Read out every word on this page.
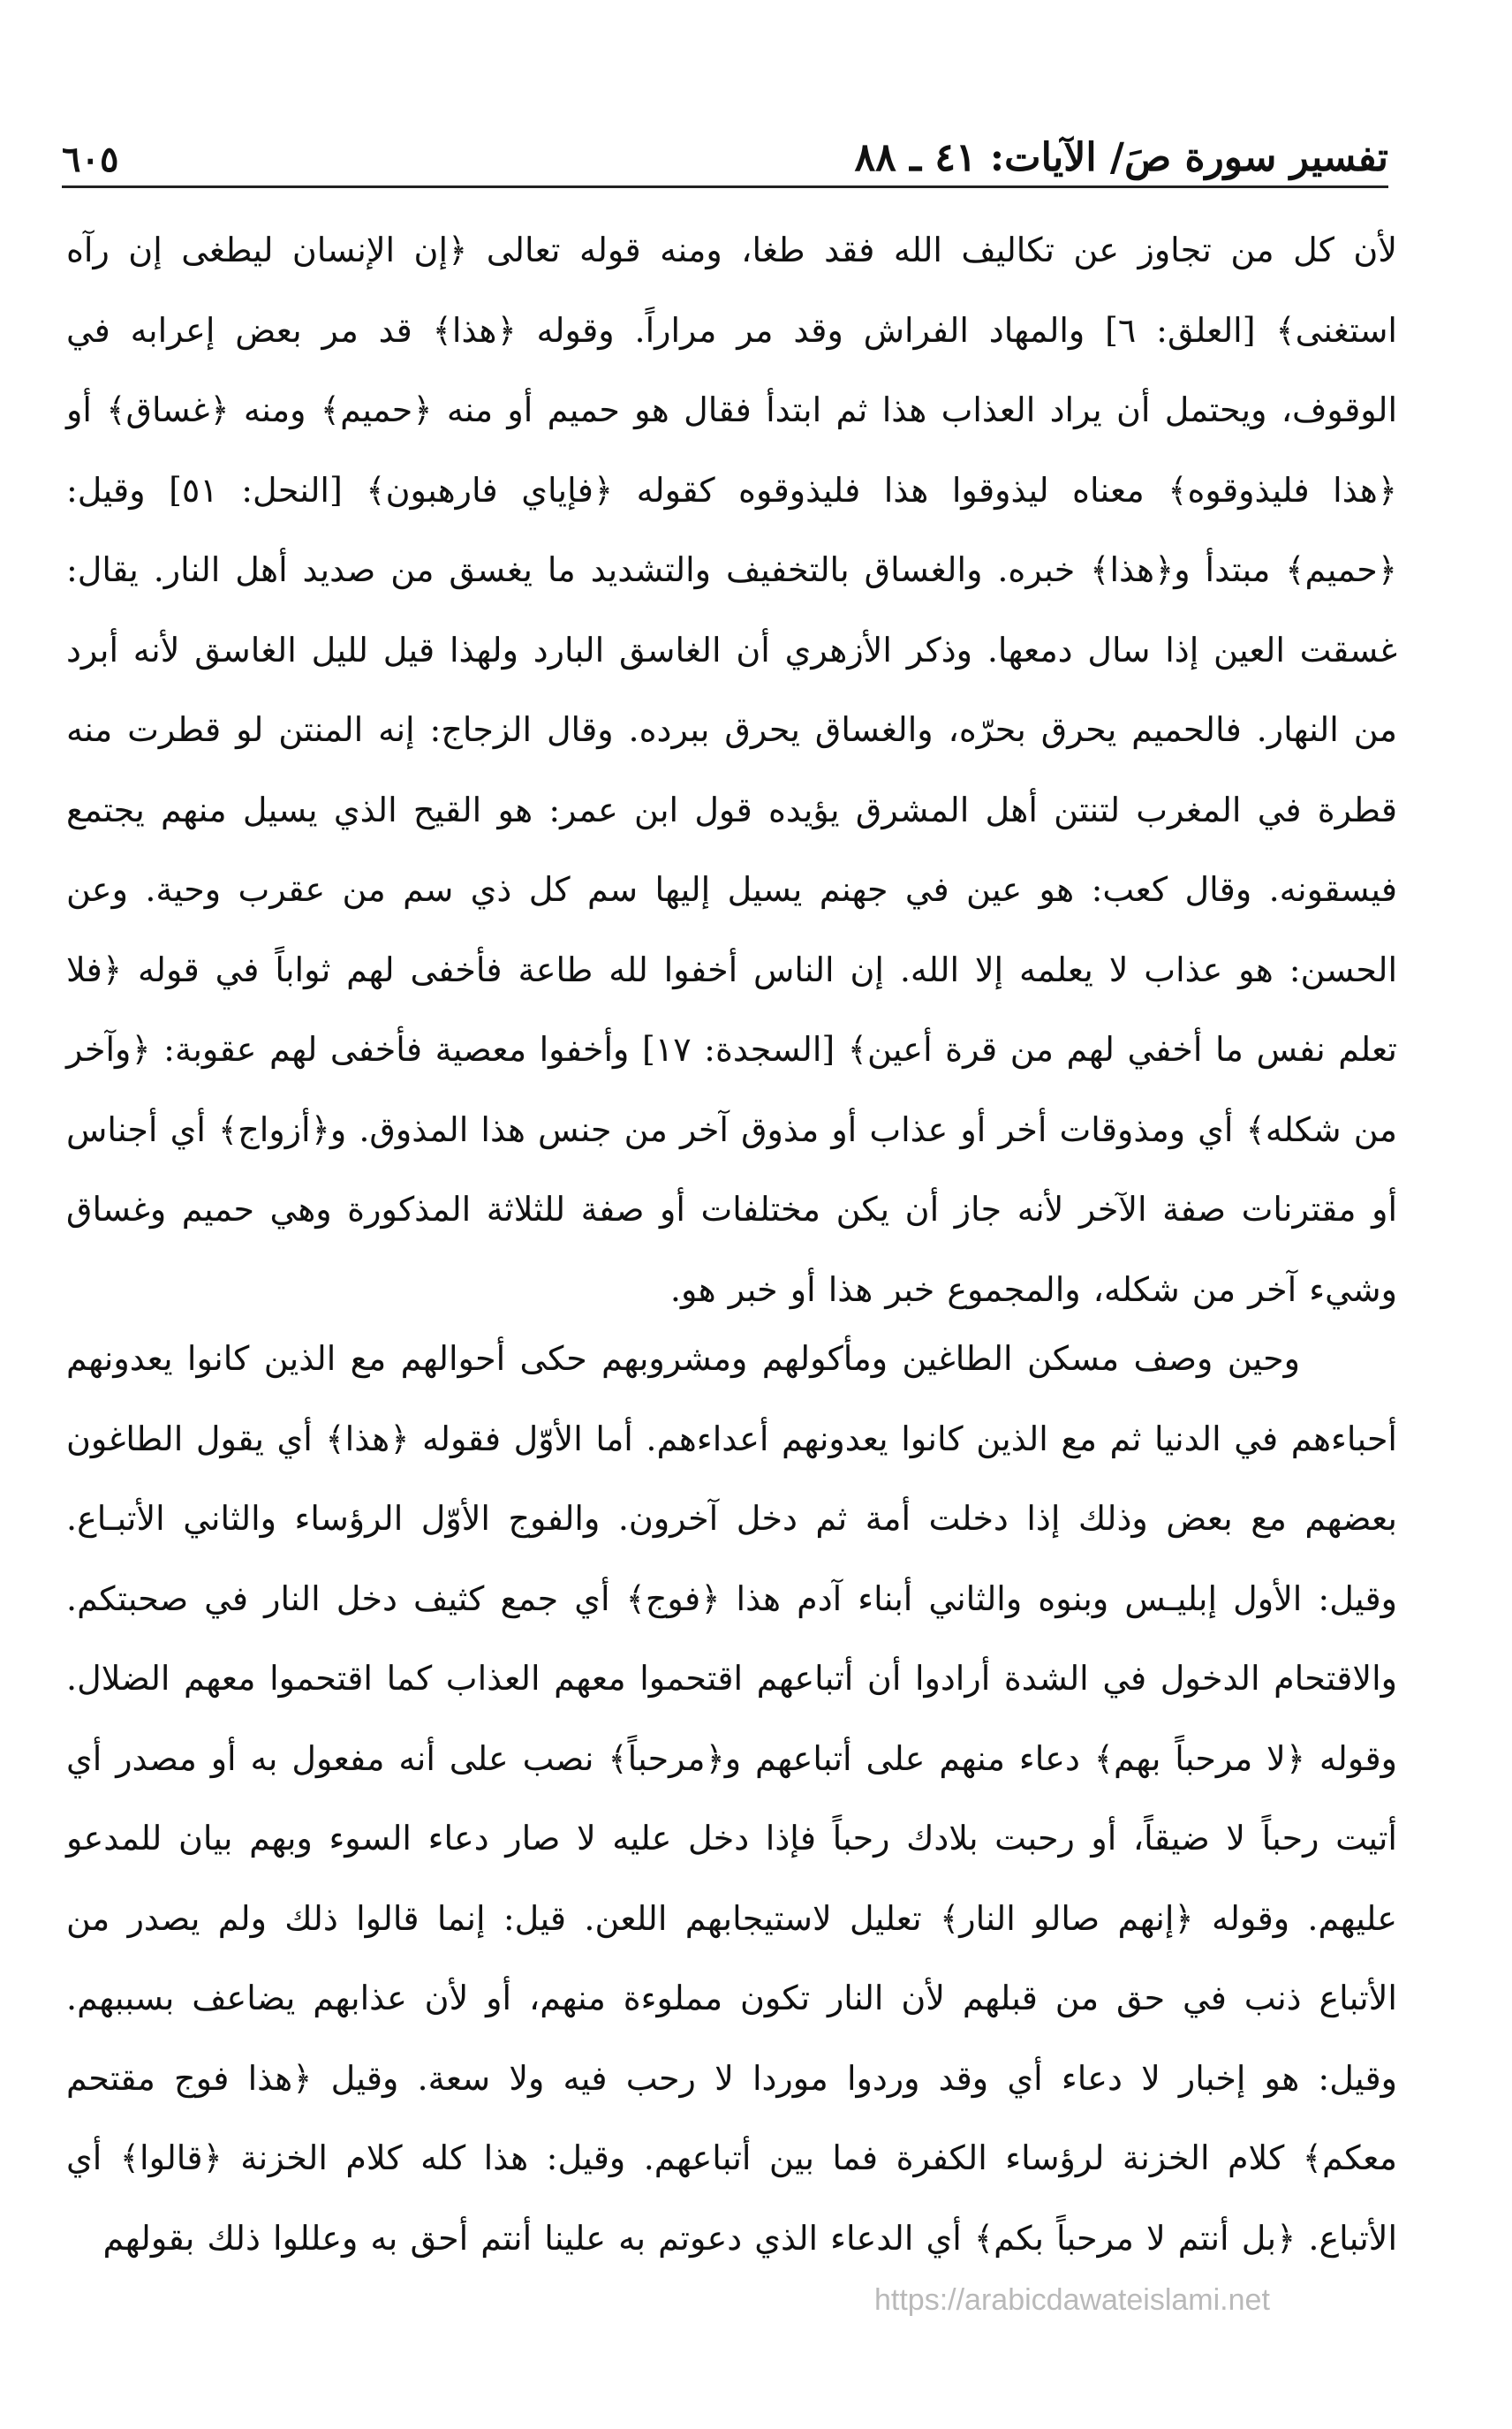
تفسير سورة صَ/ الآيات: ٤١ ـ ٨٨
٦٠٥

لأن كل من تجاوز عن تكاليف الله فقد طغا، ومنه قوله تعالى ﴿إن الإنسان ليطغى إن رآه استغنى﴾ [العلق: ٦] والمهاد الفراش وقد مر مراراً. وقوله ﴿هذا﴾ قد مر بعض إعرابه في الوقوف، ويحتمل أن يراد العذاب هذا ثم ابتدأ فقال هو حميم أو منه ﴿حميم﴾ ومنه ﴿غساق﴾ أو ﴿هذا فليذوقوه﴾ معناه ليذوقوا هذا فليذوقوه كقوله ﴿فإياي فارهبون﴾ [النحل: ٥١] وقيل: ﴿حميم﴾ مبتدأ و﴿هذا﴾ خبره. والغساق بالتخفيف والتشديد ما يغسق من صديد أهل النار. يقال: غسقت العين إذا سال دمعها. وذكر الأزهري أن الغاسق البارد ولهذا قيل لليل الغاسق لأنه أبرد من النهار. فالحميم يحرق بحرّه، والغساق يحرق ببرده. وقال الزجاج: إنه المنتن لو قطرت منه قطرة في المغرب لتنتن أهل المشرق يؤيده قول ابن عمر: هو القيح الذي يسيل منهم يجتمع فيسقونه. وقال كعب: هو عين في جهنم يسيل إليها سم كل ذي سم من عقرب وحية. وعن الحسن: هو عذاب لا يعلمه إلا الله. إن الناس أخفوا لله طاعة فأخفى لهم ثواباً في قوله ﴿فلا تعلم نفس ما أخفي لهم من قرة أعين﴾ [السجدة: ١٧] وأخفوا معصية فأخفى لهم عقوبة: ﴿وآخر من شكله﴾ أي ومذوقات أخر أو عذاب أو مذوق آخر من جنس هذا المذوق. و﴿أزواج﴾ أي أجناس أو مقترنات صفة الآخر لأنه جاز أن يكن مختلفات أو صفة للثلاثة المذكورة وهي حميم وغساق وشيء آخر من شكله، والمجموع خبر هذا أو خبر هو.

وحين وصف مسكن الطاغين ومأكولهم ومشروبهم حكى أحوالهم مع الذين كانوا يعدونهم أحباءهم في الدنيا ثم مع الذين كانوا يعدونهم أعداءهم. أما الأوّل فقوله ﴿هذا﴾ أي يقول الطاغون بعضهم مع بعض وذلك إذا دخلت أمة ثم دخل آخرون. والفوج الأوّل الرؤساء والثاني الأتبـاع. وقيل: الأول إبليـس وبنوه والثاني أبناء آدم هذا ﴿فوج﴾ أي جمع كثيف دخل النار في صحبتكم. والاقتحام الدخول في الشدة أرادوا أن أتباعهم اقتحموا معهم العذاب كما اقتحموا معهم الضلال. وقوله ﴿لا مرحباً بهم﴾ دعاء منهم على أتباعهم و﴿مرحباً﴾ نصب على أنه مفعول به أو مصدر أي أتيت رحباً لا ضيقاً، أو رحبت بلادك رحباً فإذا دخل عليه لا صار دعاء السوء وبهم بيان للمدعو عليهم. وقوله ﴿إنهم صالو النار﴾ تعليل لاستيجابهم اللعن. قيل: إنما قالوا ذلك ولم يصدر من الأتباع ذنب في حق من قبلهم لأن النار تكون مملوءة منهم، أو لأن عذابهم يضاعف بسببهم. وقيل: هو إخبار لا دعاء أي وقد وردوا موردا لا رحب فيه ولا سعة. وقيل ﴿هذا فوج مقتحم معكم﴾ كلام الخزنة لرؤساء الكفرة فما بين أتباعهم. وقيل: هذا كله كلام الخزنة ﴿قالوا﴾ أي الأتباع. ﴿بل أنتم لا مرحباً بكم﴾ أي الدعاء الذي دعوتم به علينا أنتم أحق به وعللوا ذلك بقولهم

https://arabicdawateislami.net
